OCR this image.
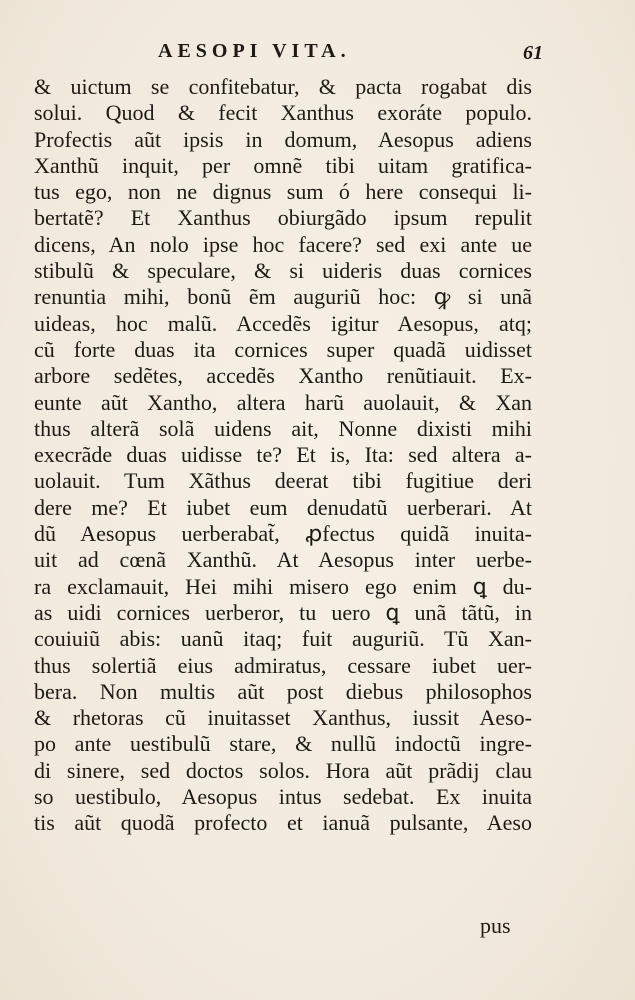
AESOPI VITA.	61
& uictum se confitebatur, & pacta rogabat dis
solui. Quod & fecit Xanthus exoráte populo.
Profectis aũt ipsis in domum, Aesopus adiens
Xanthũ inquit, per omnẽ tibi uitam gratifica-
tus ego, non ne dignus sum ó here consequi li-
bertatẽ? Et Xanthus obiurgãdo ipsum repulit
dicens, An nolo ipse hoc facere? sed exi ante ue
stibulũ & speculare, & si uideris duas cornices
renuntia mihi, bonũ ẽm auguriũ hoc: ꝙ si unã
uideas, hoc malũ. Accedẽs igitur Aesopus, atq;
cũ forte duas ita cornices super quadã uidisset
arbore sedẽtes, accedẽs Xantho renũtiauit. Ex-
eunte aũt Xantho, altera harũ auolauit, & Xan
thus alterã solã uidens ait, Nonne dixisti mihi
execrãde duas uidisse te? Et is, Ita: sed altera a-
uolauit. Tum Xãthus deerat tibi fugitiue deri
dere me? Et iubet eum denudatũ uerberari. At
dũ Aesopus uerberabat̃, ꝓfectus quidã inuita-
uit ad cœnã Xanthũ. At Aesopus inter uerbe-
ra exclamauit, Hei mihi misero ego enim ꝗ du-
as uidi cornices uerberor, tu uero ꝗ unã tãtũ, in
couiuiũ abis: uanũ itaq; fuit auguriũ. Tũ Xan-
thus solertiã eius admiratus, cessare iubet uer-
bera. Non multis aũt post diebus philosophos
& rhetoras cũ inuitasset Xanthus, iussit Aeso-
po ante uestibulũ stare, & nullũ indoctũ ingre-
di sinere, sed doctos solos. Hora aũt prãdij clau
so uestibulo, Aesopus intus sedebat. Ex inuita
tis aũt quodã profecto et ianuã pulsante, Aeso
pus
